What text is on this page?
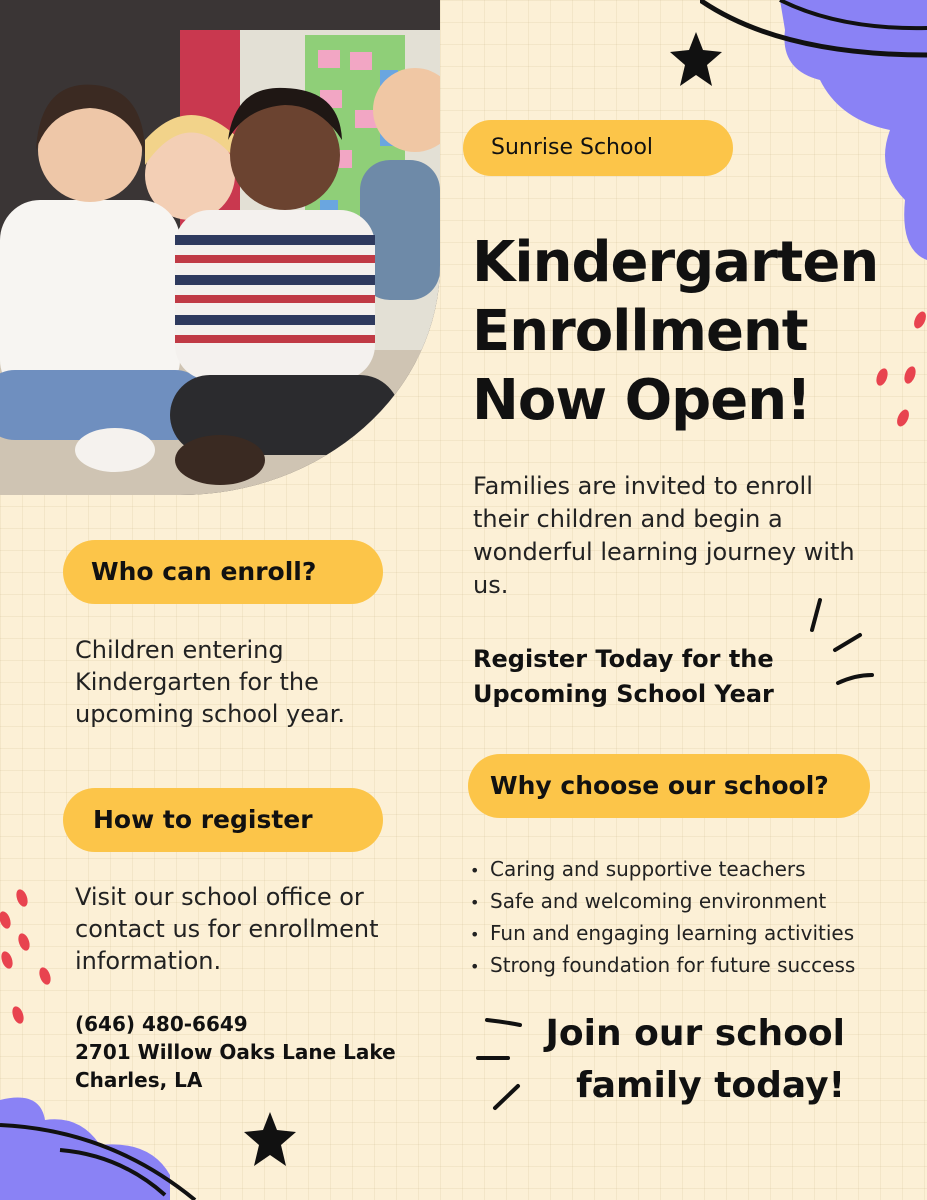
Sunrise School
Kindergarten
Enrollment
Now Open!
Families are invited to enroll their children and begin a wonderful learning journey with us.
Register Today for the
Upcoming School Year
Who can enroll?
Children entering Kindergarten for the upcoming school year.
How to register
Visit our school office or contact us for enrollment information.
(646) 480-6649
2701 Willow Oaks Lane Lake Charles, LA
Why choose our school?
• Caring and supportive teachers
• Safe and welcoming environment
• Fun and engaging learning activities
• Strong foundation for future success
Join our school
family today!
